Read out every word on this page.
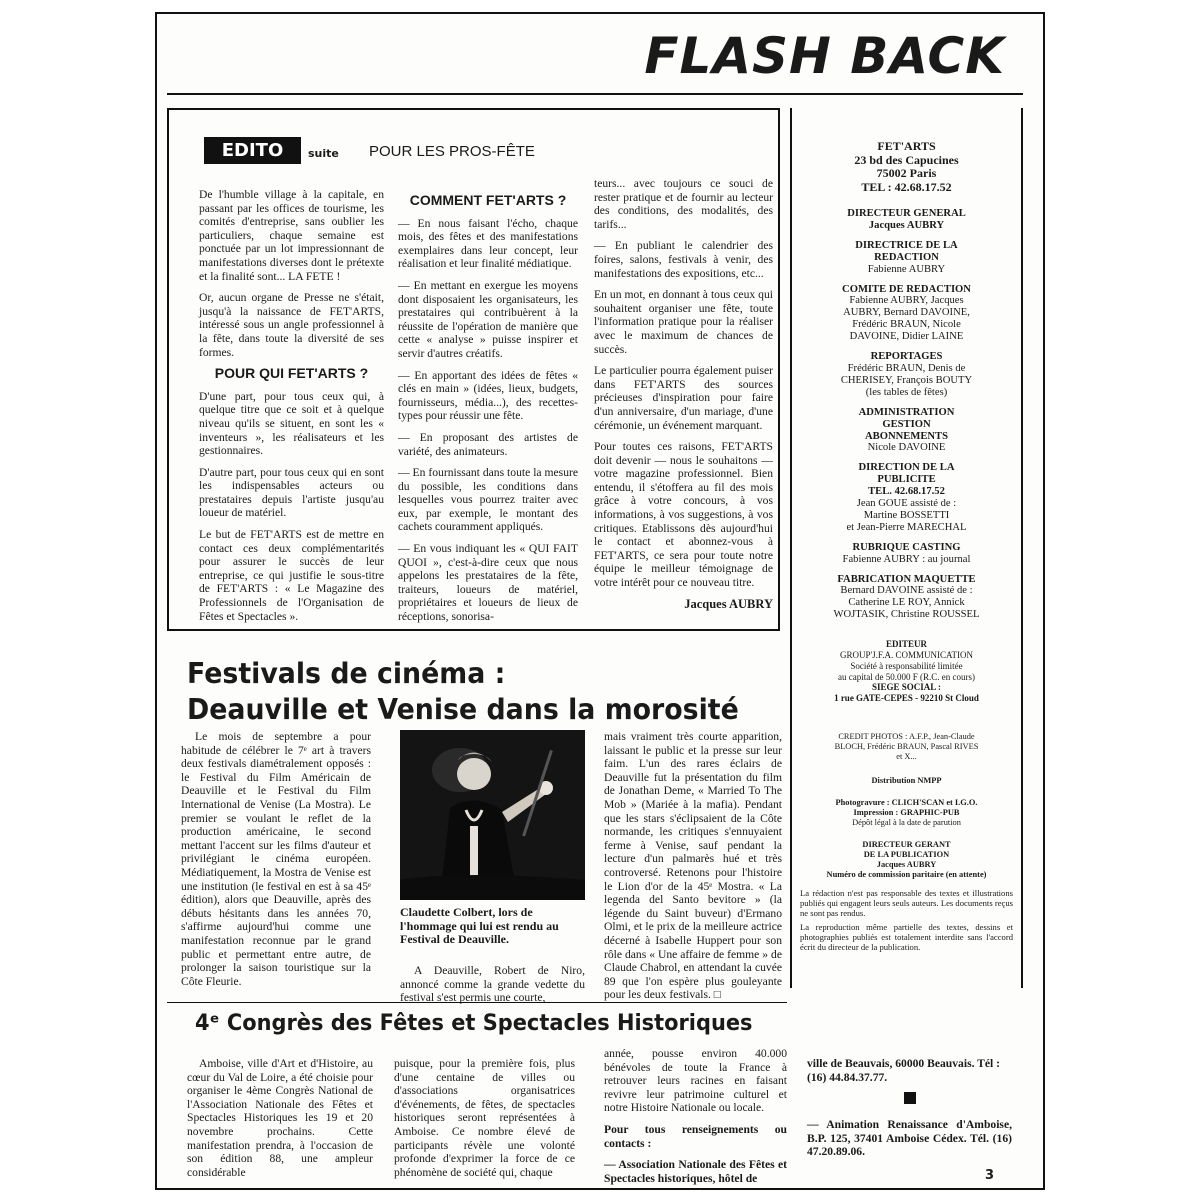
FLASH BACK
EDITO	suite POUR LES PROS-FÊTE

De l'humble village à la capitale, en passant par les offices de tourisme, les comités d'entreprise, sans oublier les particuliers, chaque semaine est ponctuée par un lot impressionnant de manifestations diverses dont le prétexte et la finalité sont... LA FETE !

Or, aucun organe de Presse ne s'était, jusqu'à la naissance de FET'ARTS, intéressé sous un angle professionnel à la fête, dans toute la diversité de ses formes.

POUR QUI FET'ARTS ?

D'une part, pour tous ceux qui, à quelque titre que ce soit et à quelque niveau qu'ils se situent, en sont les « inventeurs », les réalisateurs et les gestionnaires.

D'autre part, pour tous ceux qui en sont les indispensables acteurs ou prestataires depuis l'artiste jusqu'au loueur de matériel.

Le but de FET'ARTS est de mettre en contact ces deux complémentarités pour assurer le succès de leur entreprise, ce qui justifie le sous-titre de FET'ARTS : « Le Magazine des Professionnels de l'Organisation de Fêtes et Spectacles ».

COMMENT FET'ARTS ?

— En nous faisant l'écho, chaque mois, des fêtes et des manifestations exemplaires dans leur concept, leur réalisation et leur finalité médiatique.

— En mettant en exergue les moyens dont disposaient les organisateurs, les prestataires qui contribuèrent à la réussite de l'opération de manière que cette « analyse » puisse inspirer et servir d'autres créatifs.

— En apportant des idées de fêtes « clés en main » (idées, lieux, budgets, fournisseurs, média...), des recettes-types pour réussir une fête.

— En proposant des artistes de variété, des animateurs.

— En fournissant dans toute la mesure du possible, les conditions dans lesquelles vous pourrez traiter avec eux, par exemple, le montant des cachets couramment appliqués.

— En vous indiquant les « QUI FAIT QUOI », c'est-à-dire ceux que nous appelons les prestataires de la fête, traiteurs, loueurs de matériel, propriétaires et loueurs de lieux de réceptions, sonorisa-

teurs... avec toujours ce souci de rester pratique et de fournir au lecteur des conditions, des modalités, des tarifs...

— En publiant le calendrier des foires, salons, festivals à venir, des manifestations des expositions, etc...

En un mot, en donnant à tous ceux qui souhaitent organiser une fête, toute l'information pratique pour la réaliser avec le maximum de chances de succès.

Le particulier pourra également puiser dans FET'ARTS des sources précieuses d'inspiration pour faire d'un anniversaire, d'un mariage, d'une cérémonie, un événement marquant.

Pour toutes ces raisons, FET'ARTS doit devenir — nous le souhaitons — votre magazine professionnel. Bien entendu, il s'étoffera au fil des mois grâce à votre concours, à vos informations, à vos suggestions, à vos critiques. Etablissons dès aujourd'hui le contact et abonnez-vous à FET'ARTS, ce sera pour toute notre équipe le meilleur témoignage de votre intérêt pour ce nouveau titre.

Jacques AUBRY

FET'ARTS
23 bd des Capucines
75002 Paris
TEL : 42.68.17.52
DIRECTEUR GENERAL
Jacques AUBRY
DIRECTRICE DE LA
REDACTION
Fabienne AUBRY
COMITE DE REDACTION
Fabienne AUBRY, Jacques
AUBRY, Bernard DAVOINE,
Frédéric BRAUN, Nicole
DAVOINE, Didier LAINE
REPORTAGES
Frédéric BRAUN, Denis de
CHERISEY, François BOUTY
(les tables de fêtes)
ADMINISTRATION
GESTION
ABONNEMENTS
Nicole DAVOINE
DIRECTION DE LA
PUBLICITE
TEL. 42.68.17.52
Jean GOUE assisté de :
Martine BOSSETTI
et Jean-Pierre MARECHAL
RUBRIQUE CASTING
Fabienne AUBRY : au journal
FABRICATION MAQUETTE
Bernard DAVOINE assisté de :
Catherine LE ROY, Annick
WOJTASIK, Christine ROUSSEL
EDITEUR
GROUP'J.F.A. COMMUNICATION
Société à responsabilité limitée
au capital de 50.000 F (R.C. en cours)
SIEGE SOCIAL :
1 rue GATE-CEPES - 92210 St Cloud
CREDIT PHOTOS : A.F.P., Jean-Claude
BLOCH, Frédéric BRAUN, Pascal RIVES
et X...
Distribution NMPP
Photogravure : CLICH'SCAN et I.G.O.
Impression : GRAPHIC-PUB
Dépôt légal à la date de parution
DIRECTEUR GERANT
DE LA PUBLICATION
Jacques AUBRY
Numéro de commission paritaire (en attente)
La rédaction n'est pas responsable des textes et illustrations publiés qui engagent leurs seuls auteurs. Les documents reçus ne sont pas rendus.
La reproduction même partielle des textes, dessins et photographies publiés est totalement interdite sans l'accord écrit du directeur de la publication.
Festivals de cinéma :
Deauville et Venise dans la morosité

Le mois de septembre a pour habitude de célébrer le 7ᵉ art à travers deux festivals diamétralement opposés : le Festival du Film Américain de Deauville et le Festival du Film International de Venise (La Mostra). Le premier se voulant le reflet de la production américaine, le second mettant l'accent sur les films d'auteur et privilégiant le cinéma européen. Médiatiquement, la Mostra de Venise est une institution (le festival en est à sa 45ᵉ édition), alors que Deauville, après des débuts hésitants dans les années 70, s'affirme aujourd'hui comme une manifestation reconnue par le grand public et permettant entre autre, de prolonger la saison touristique sur la Côte Fleurie.

Claudette Colbert, lors de l'hommage qui lui est rendu au Festival de Deauville.

A Deauville, Robert de Niro, annoncé comme la grande vedette du festival s'est permis une courte,

mais vraiment très courte apparition, laissant le public et la presse sur leur faim. L'un des rares éclairs de Deauville fut la présentation du film de Jonathan Deme, « Married To The Mob » (Mariée à la mafia). Pendant que les stars s'éclipsaient de la Côte normande, les critiques s'ennuyaient ferme à Venise, sauf pendant la lecture d'un palmarès hué et très controversé. Retenons pour l'histoire le Lion d'or de la 45ᵉ Mostra. « La legenda del Santo bevitore » (la légende du Saint buveur) d'Ermano Olmi, et le prix de la meilleure actrice décerné à Isabelle Huppert pour son rôle dans « Une affaire de femme » de Claude Chabrol, en attendant la cuvée 89 que l'on espère plus gouleyante pour les deux festivals. □

4ᵉ Congrès des Fêtes et Spectacles Historiques

Amboise, ville d'Art et d'Histoire, au cœur du Val de Loire, a été choisie pour organiser le 4ème Congrès National de l'Association Nationale des Fêtes et Spectacles Historiques les 19 et 20 novembre prochains. Cette manifestation prendra, à l'occasion de son édition 88, une ampleur considérable

puisque, pour la première fois, plus d'une centaine de villes ou d'associations organisatrices d'événements, de fêtes, de spectacles historiques seront représentées à Amboise. Ce nombre élevé de participants révèle une volonté profonde d'exprimer la force de ce phénomène de société qui, chaque

année, pousse environ 40.000 bénévoles de toute la France à retrouver leurs racines en faisant revivre leur patrimoine culturel et notre Histoire Nationale ou locale.

Pour tous renseignements ou contacts :

— Association Nationale des Fêtes et Spectacles historiques, hôtel de

ville de Beauvais, 60000 Beauvais. Tél : (16) 44.84.37.77.

— Animation Renaissance d'Amboise, B.P. 125, 37401 Amboise Cédex. Tél. (16) 47.20.89.06.

3
